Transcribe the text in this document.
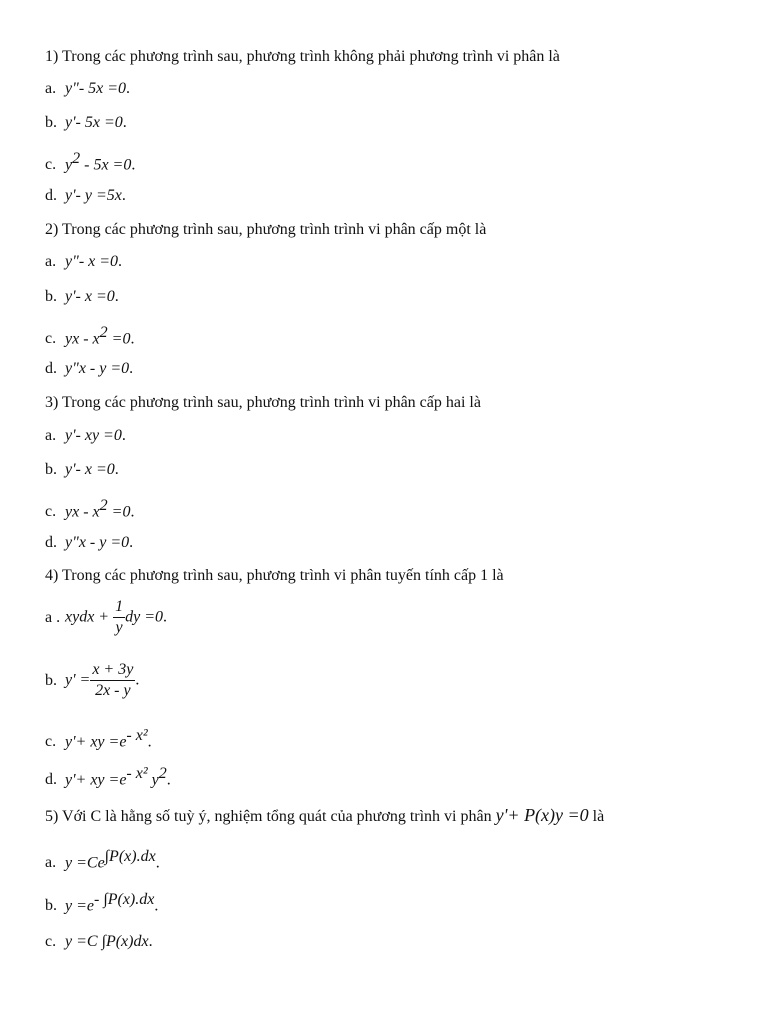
1) Trong các phương trình sau, phương trình không phải phương trình vi phân là
a. y"- 5x =0.
b. y'- 5x =0.
c. $y^2 - 5x =0$.
d. y'- y =5x.
2) Trong các phương trình sau, phương trình trình vi phân cấp một là
a. y"- x =0.
b. y'- x =0.
c. yx - $x^2 =0$.
d. y"x - y =0.
3) Trong các phương trình sau, phương trình trình vi phân cấp hai là
a. y'- xy =0.
b. y'- x =0.
c. yx - $x^2 =0$.
d. y"x - y =0.
4) Trong các phương trình sau, phương trình vi phân tuyến tính cấp 1 là
a . xydx + $\frac{1}{y}$ dy =0.
b. $y' = \frac{x + 3y}{2x - y}$ .
c. y'+ xy $=e^{- x^2}$.
d. y'+ xy $=e^{- x^2}$ $y^2$.
5) Với C là hằng số tuỳ ý, nghiệm tổng quát của phương trình vi phân y'+ P(x)y =0 là
a. $y =Ce^{\int P(x).dx}$.
b. $y =e^{- \int P(x).dx}$.
c. y =C ∫P(x)dx.
